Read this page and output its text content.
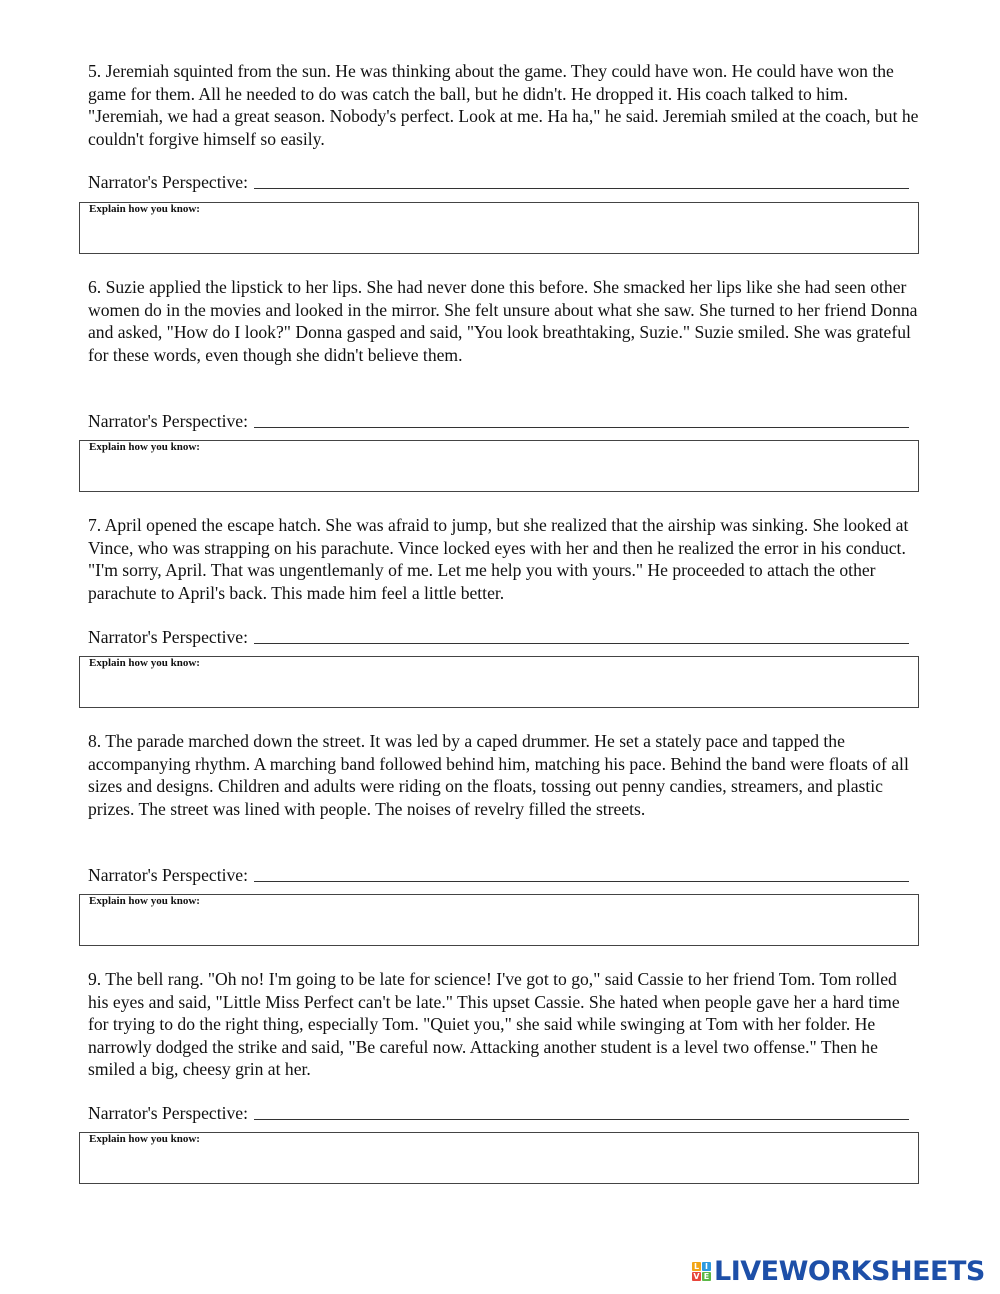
5. Jeremiah squinted from the sun. He was thinking about the game. They could have won. He could have won the game for them. All he needed to do was catch the ball, but he didn't. He dropped it. His coach talked to him. "Jeremiah, we had a great season. Nobody's perfect. Look at me. Ha ha," he said. Jeremiah smiled at the coach, but he couldn't forgive himself so easily.

Narrator's Perspective:
Explain how you know:

6. Suzie applied the lipstick to her lips. She had never done this before. She smacked her lips like she had seen other women do in the movies and looked in the mirror. She felt unsure about what she saw. She turned to her friend Donna and asked, "How do I look?" Donna gasped and said, "You look breathtaking, Suzie." Suzie smiled. She was grateful for these words, even though she didn't believe them.

Narrator's Perspective:
Explain how you know:

7. April opened the escape hatch. She was afraid to jump, but she realized that the airship was sinking. She looked at Vince, who was strapping on his parachute. Vince locked eyes with her and then he realized the error in his conduct. "I'm sorry, April. That was ungentlemanly of me. Let me help you with yours." He proceeded to attach the other parachute to April's back. This made him feel a little better.

Narrator's Perspective:
Explain how you know:

8. The parade marched down the street. It was led by a caped drummer. He set a stately pace and tapped the accompanying rhythm. A marching band followed behind him, matching his pace. Behind the band were floats of all sizes and designs. Children and adults were riding on the floats, tossing out penny candies, streamers, and plastic prizes. The street was lined with people. The noises of revelry filled the streets.

Narrator's Perspective:
Explain how you know:

9. The bell rang. "Oh no! I'm going to be late for science! I've got to go," said Cassie to her friend Tom. Tom rolled his eyes and said, "Little Miss Perfect can't be late." This upset Cassie. She hated when people gave her a hard time for trying to do the right thing, especially Tom. "Quiet you," she said while swinging at Tom with her folder. He narrowly dodged the strike and said, "Be careful now. Attacking another student is a level two offense." Then he smiled a big, cheesy grin at her.

Narrator's Perspective:
Explain how you know:
L I
V E LIVEWORKSHEETS
